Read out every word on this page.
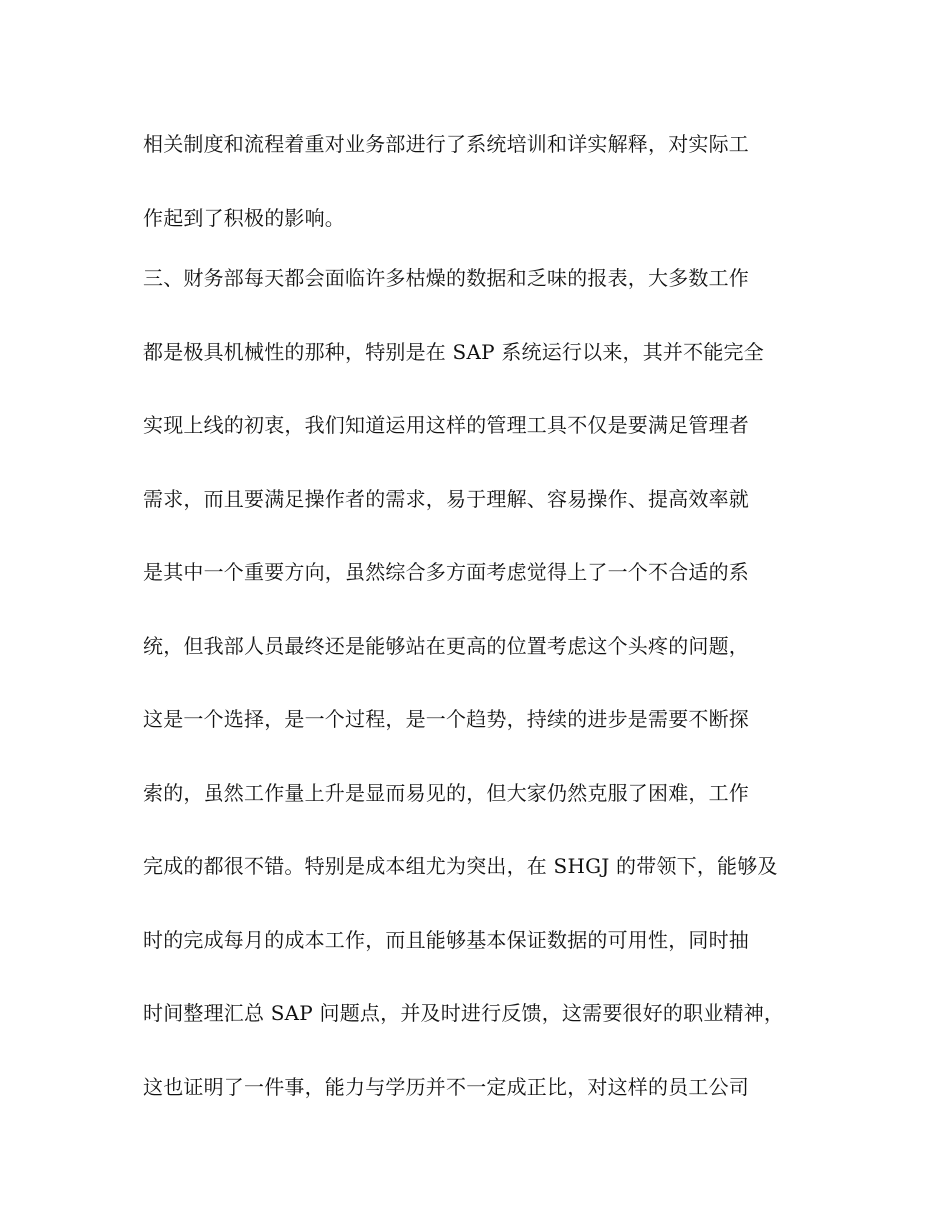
相关制度和流程着重对业务部进行了系统培训和详实解释，对实际工
作起到了积极的影响。
三、财务部每天都会面临许多枯燥的数据和乏味的报表，大多数工作
都是极具机械性的那种，特别是在 SAP 系统运行以来，其并不能完全
实现上线的初衷，我们知道运用这样的管理工具不仅是要满足管理者
需求，而且要满足操作者的需求，易于理解、容易操作、提高效率就
是其中一个重要方向，虽然综合多方面考虑觉得上了一个不合适的系
统，但我部人员最终还是能够站在更高的位置考虑这个头疼的问题，
这是一个选择，是一个过程，是一个趋势，持续的进步是需要不断探
索的，虽然工作量上升是显而易见的，但大家仍然克服了困难，工作
完成的都很不错。特别是成本组尤为突出，在 SHGJ 的带领下，能够及
时的完成每月的成本工作，而且能够基本保证数据的可用性，同时抽
时间整理汇总 SAP 问题点，并及时进行反馈，这需要很好的职业精神，
这也证明了一件事，能力与学历并不一定成正比，对这样的员工公司
